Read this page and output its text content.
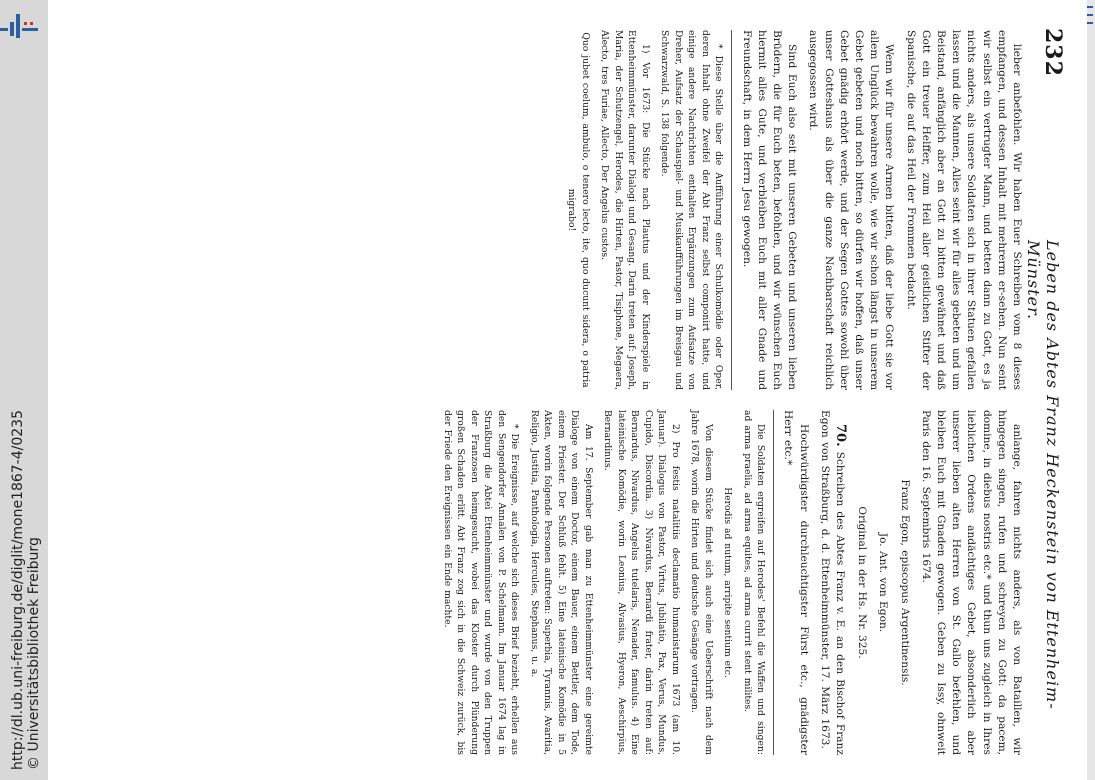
http://dl.ub.uni-freiburg.de/diglit/mone1867-4/0235 © Universitätsbibliothek Freiburg
232
Leben des Abtes Franz Heckenstein von Ettenheim-Münster.

lieber anbefohlen. Wir haben Euer Schreiben vom 8 dieses empfangen, und dessen Inhalt mit mehrerm er-sehen. Nun seint wir selbst ein vertrugter Mann, und betten dann zu Gott, es ja nichts anders, als unsere Soldaten sich in ihrer Statuen gefallen lassen und die Mannen, Alles seint wir für alles gebeten und um Beistand, anfänglich aber an Gott zu bitten gewähnet und daß Gott ein treuer Helffer, zum Heil aller geistlichen Stifter der Spanische, die auf das Heil der Frommen bedacht.

Wenn wir für unsere Armen bitten, daß der liebe Gott sie vor allem Unglück bewahren wolle, wie wir schon längst in unserem Gebet gebeten und noch bitten, so dürfen wir hoffen, daß unser Gebet gnädig erhört werde, und der Segen Gottes sowohl über unser Gotteshaus als über die ganze Nachbarschaft reichlich ausgegossen wird.

Sind Euch also seit mit unseren Gebeten und unseren lieben Brüdern, die für Euch beten, befohlen, und wir wünschen Euch hiermit alles Gute, und verbleiben Euch mit aller Gnade und Freundschaft, in dem Herrn Jesu gewogen.

* Diese Stelle über die Aufführung einer Schulkomödie oder Oper, deren Inhalt ohne Zweifel der Abt Franz selbst componirt hatte, und einige andere Nachrichten enthalten Ergänzungen zum Aufsatze von Dreher, Aufsatz der Schauspiel- und Musikaufführungen im Breisgau und Schwarzwald, S. 138 folgende.

1) Vor 1673: Die Stücke nach Plautus und der Kinderspiele in Ettenheimmünster, darunter Dialogi und Gesang. Darin treten auf: Joseph, Maria, der Schutzengel, Herodes, die Hirten, Pastor, Tisiphone, Megaera, Alecto, tres Furiae, Allecto, Der Angelus custos.

Quo jubet coelum, ambulo, o tenero lecto, ite, quo ducunt sidera, o patria migrabo!

anlange, fahren nichts anders, als von Bataillen, wir hingegen singen, rufen und schreyen zu Gott: da pacem, domine, in diebus nostris etc.* und thun uns zugleich in Ihres lieblichen Ordens andächtiges Gebet, absonderlich aber unserer lieben alten Herren von St. Gallo befehlen, und bleiben Euch mit Gnaden gewogen. Geben zu Issy, ohnweit Paris den 16. Septembris 1674.

Franz Egon, episcopus Argentinensis.

Jo. Ant. von Egon.

Original in der Hs. Nr. 325.

70. Schreiben des Abtes Franz v. E. an den Bischof Franz Egon von Straßburg, d. d. Ettenheimmünster, 17. März 1673.

Hochwürdigster durchleuchtigster Fürst etc., gnädigster Herr etc.*

Die Soldaten ergreifen auf Herodes' Befehl die Waffen und singen: ad arma praelia, ad arma equites, ad arma currit stent milites.

Herodis ad nutum, arripite sentium etc.

Von diesem Stücke findet sich auch eine Ueberschrift nach dem Jahre 1678, worin die Hirten und deutsche Gesänge vortragen.

2) Pro festis natalitiis declamatio humanistarum 1673 (am 10. Januar). Dialogus von Pastor, Virtus, Jubilatio, Pax, Verus, Mundus, Cupido, Discordia. 3) Nivardus, Bernardi frater, darin treten auf: Bernardus, Nivardus, Angelus tutelaris, Nenader, famulus. 4) Eine lateinische Komödie, worin Leonius, Alvasius, Hyeron, Aeschirpius, Bernardinus.

Am 17. September gab man zu Ettenheimmünster eine gereimte Dialoge von einem Doctor, einem Bauer, einem Bettler, dem Tode, einem Priester. Der Schluß fehlt. 5) Eine lateinische Komödie in 5 Akten, worin folgende Personen auftreten: Superbia, Tyrannis, Avaritia, Religio, Justitia, Panthologia, Hercules, Stephanus, u. a.

* Die Ereignisse, auf welche sich dieses Brief bezieht, erhellen aus den Sengendorfer Annalen von P. Schelmann. Im Januar 1674 lag in Straßburg die Abtei Ettenheimmünster und wurde von den Truppen der Franzosen heimgesucht, wobei das Kloster durch Plünderung großen Schaden erlitt. Abt Franz zog sich in die Schweiz zurück, bis der Friede den Ereignissen ein Ende machte.
